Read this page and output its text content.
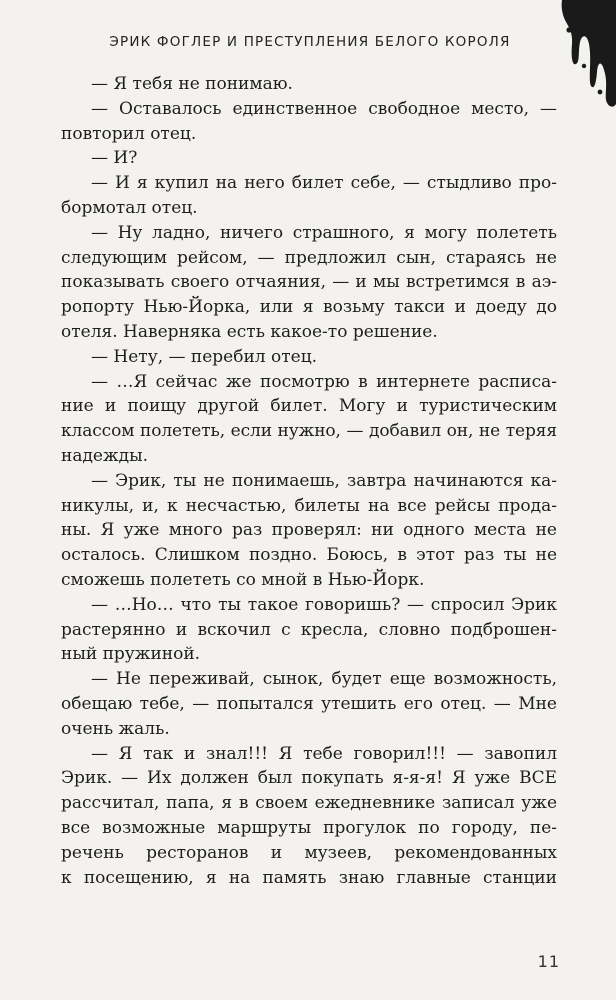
ЭРИК ФОГЛЕР И ПРЕСТУПЛЕНИЯ БЕЛОГО КОРОЛЯ
— Я тебя не понимаю.
— Оставалось единственное свободное место, —
повторил отец.
— И?
— И я купил на него билет себе, — стыдливо про-
бормотал отец.
— Ну ладно, ничего страшного, я могу полететь
следующим рейсом, — предложил сын, стараясь не
показывать своего отчаяния, — и мы встретимся в аэ-
ропорту Нью-Йорка, или я возьму такси и доеду до
отеля. Наверняка есть какое-то решение.
— Нету, — перебил отец.
— …Я сейчас же посмотрю в интернете расписа-
ние и поищу другой билет. Могу и туристическим
классом полететь, если нужно, — добавил он, не теряя
надежды.
— Эрик, ты не понимаешь, завтра начинаются ка-
никулы, и, к несчастью, билеты на все рейсы прода-
ны. Я уже много раз проверял: ни одного места не
осталось. Слишком поздно. Боюсь, в этот раз ты не
сможешь полететь со мной в Нью-Йорк.
— …Но… что ты такое говоришь? — спросил Эрик
растерянно и вскочил с кресла, словно подброшен-
ный пружиной.
— Не переживай, сынок, будет еще возможность,
обещаю тебе, — попытался утешить его отец. — Мне
очень жаль.
— Я так и знал!!! Я тебе говорил!!! — завопил
Эрик. — Их должен был покупать я-я-я! Я уже ВСЕ
рассчитал, папа, я в своем ежедневнике записал уже
все возможные маршруты прогулок по городу, пе-
речень ресторанов и музеев, рекомендованных
к посещению, я на память знаю главные станции
11
